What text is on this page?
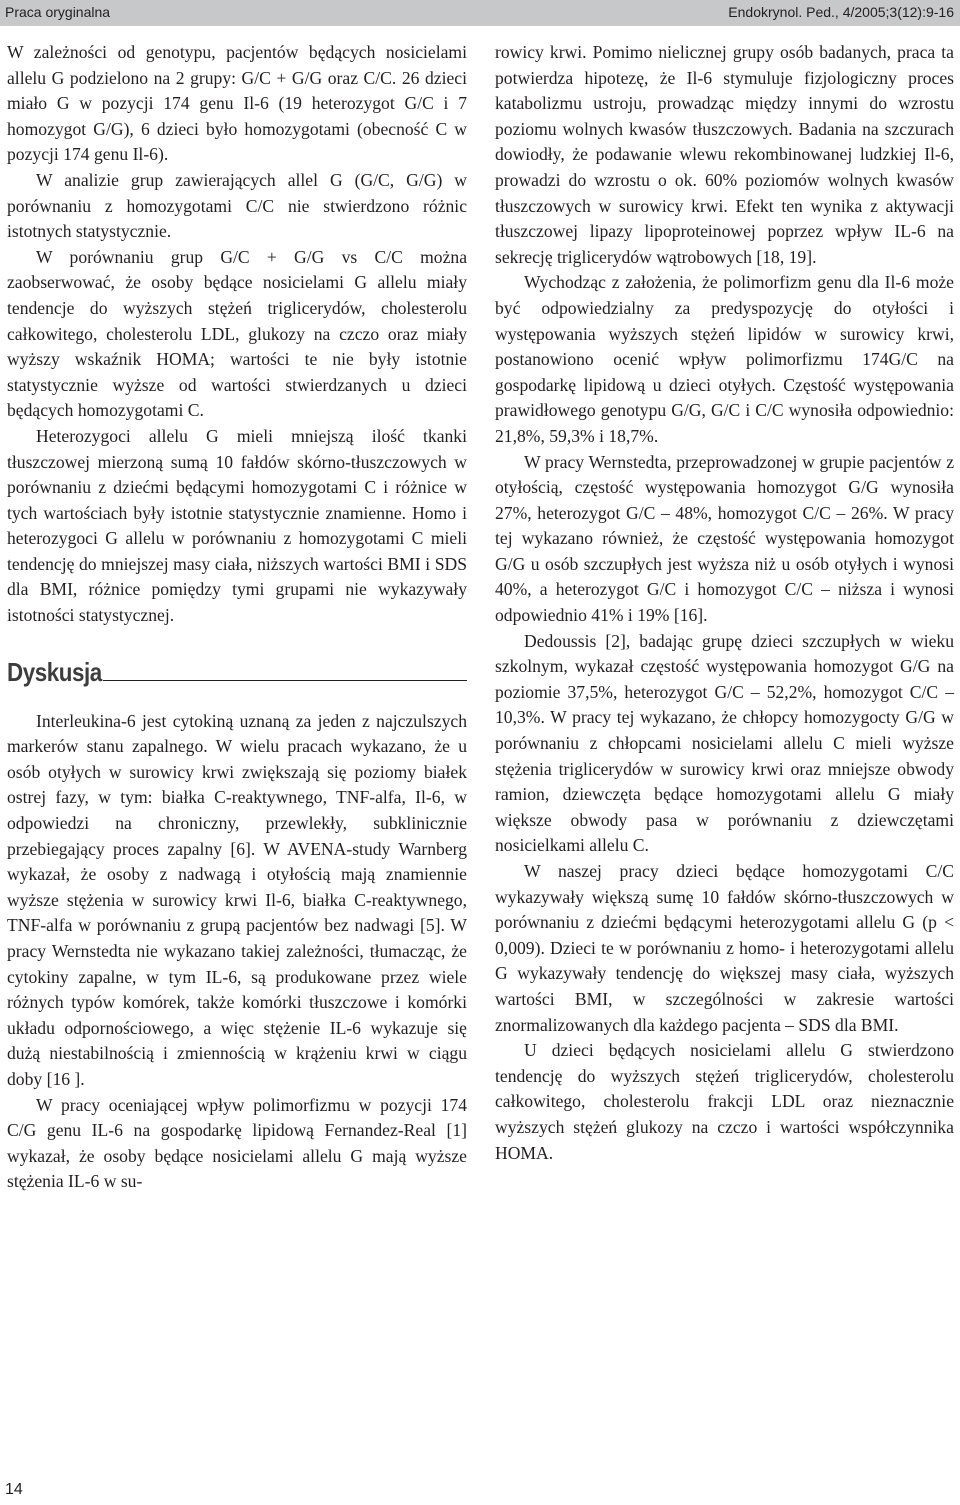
Praca oryginalna	Endokrynol. Ped., 4/2005;3(12):9-16

W zależności od genotypu, pacjentów będących nosicielami allelu G podzielono na 2 grupy: G/C + G/G oraz C/C. 26 dzieci miało G w pozycji 174 genu Il-6 (19 heterozygot G/C i 7 homozygot G/G), 6 dzieci było homozygotami (obecność C w pozycji 174 genu Il-6).

W analizie grup zawierających allel G (G/C, G/G) w porównaniu z homozygotami C/C nie stwierdzono różnic istotnych statystycznie.

W porównaniu grup G/C + G/G vs C/C można zaobserwować, że osoby będące nosicielami G allelu miały tendencje do wyższych stężeń triglicerydów, cholesterolu całkowitego, cholesterolu LDL, glukozy na czczo oraz miały wyższy wskaźnik HOMA; wartości te nie były istotnie statystycznie wyższe od wartości stwierdzanych u dzieci będących homozygotami C.

Heterozygoci allelu G mieli mniejszą ilość tkanki tłuszczowej mierzoną sumą 10 fałdów skórno-tłuszczowych w porównaniu z dziećmi będącymi homozygotami C i różnice w tych wartościach były istotnie statystycznie znamienne. Homo i heterozygoci G allelu w porównaniu z homozygotami C mieli tendencję do mniejszej masy ciała, niższych wartości BMI i SDS dla BMI, różnice pomiędzy tymi grupami nie wykazywały istotności statystycznej.

Dyskusja

Interleukina-6 jest cytokiną uznaną za jeden z najczulszych markerów stanu zapalnego. W wielu pracach wykazano, że u osób otyłych w surowicy krwi zwiększają się poziomy białek ostrej fazy, w tym: białka C-reaktywnego, TNF-alfa, Il-6, w odpowiedzi na chroniczny, przewlekły, subklinicznie przebiegający proces zapalny [6]. W AVENA-study Warnberg wykazał, że osoby z nadwagą i otyłością mają znamiennie wyższe stężenia w surowicy krwi Il-6, białka C-reaktywnego, TNF-alfa w porównaniu z grupą pacjentów bez nadwagi [5]. W pracy Wernstedta nie wykazano takiej zależności, tłumacząc, że cytokiny zapalne, w tym IL-6, są produkowane przez wiele różnych typów komórek, także komórki tłuszczowe i komórki układu odpornościowego, a więc stężenie IL-6 wykazuje się dużą niestabilnością i zmiennością w krążeniu krwi w ciągu doby [16 ].

W pracy oceniającej wpływ polimorfizmu w pozycji 174 C/G genu IL-6 na gospodarkę lipidową Fernandez-Real [1] wykazał, że osoby będące nosicielami allelu G mają wyższe stężenia IL-6 w su-

rowicy krwi. Pomimo nielicznej grupy osób badanych, praca ta potwierdza hipotezę, że Il-6 stymuluje fizjologiczny proces katabolizmu ustroju, prowadząc między innymi do wzrostu poziomu wolnych kwasów tłuszczowych. Badania na szczurach dowiodły, że podawanie wlewu rekombinowanej ludzkiej Il-6, prowadzi do wzrostu o ok. 60% poziomów wolnych kwasów tłuszczowych w surowicy krwi. Efekt ten wynika z aktywacji tłuszczowej lipazy lipoproteinowej poprzez wpływ IL-6 na sekrecję triglicerydów wątrobowych [18, 19].

Wychodząc z założenia, że polimorfizm genu dla Il-6 może być odpowiedzialny za predyspozycję do otyłości i występowania wyższych stężeń lipidów w surowicy krwi, postanowiono ocenić wpływ polimorfizmu 174G/C na gospodarkę lipidową u dzieci otyłych. Częstość występowania prawidłowego genotypu G/G, G/C i C/C wynosiła odpowiednio: 21,8%, 59,3% i 18,7%.

W pracy Wernstedta, przeprowadzonej w grupie pacjentów z otyłością, częstość występowania homozygot G/G wynosiła 27%, heterozygot G/C – 48%, homozygot C/C – 26%. W pracy tej wykazano również, że częstość występowania homozygot G/G u osób szczupłych jest wyższa niż u osób otyłych i wynosi 40%, a heterozygot G/C i homozygot C/C – niższa i wynosi odpowiednio 41% i 19% [16].

Dedoussis [2], badając grupę dzieci szczupłych w wieku szkolnym, wykazał częstość występowania homozygot G/G na poziomie 37,5%, heterozygot G/C – 52,2%, homozygot C/C – 10,3%. W pracy tej wykazano, że chłopcy homozygocty G/G w porównaniu z chłopcami nosicielami allelu C mieli wyższe stężenia triglicerydów w surowicy krwi oraz mniejsze obwody ramion, dziewczęta będące homozygotami allelu G miały większe obwody pasa w porównaniu z dziewczętami nosicielkami allelu C.

W naszej pracy dzieci będące homozygotami C/C wykazywały większą sumę 10 fałdów skórno-tłuszczowych w porównaniu z dziećmi będącymi heterozygotami allelu G (p < 0,009). Dzieci te w porównaniu z homo- i heterozygotami allelu G wykazywały tendencję do większej masy ciała, wyższych wartości BMI, w szczególności w zakresie wartości znormalizowanych dla każdego pacjenta – SDS dla BMI.

U dzieci będących nosicielami allelu G stwierdzono tendencję do wyższych stężeń triglicerydów, cholesterolu całkowitego, cholesterolu frakcji LDL oraz nieznacznie wyższych stężeń glukozy na czczo i wartości współczynnika HOMA.

14
